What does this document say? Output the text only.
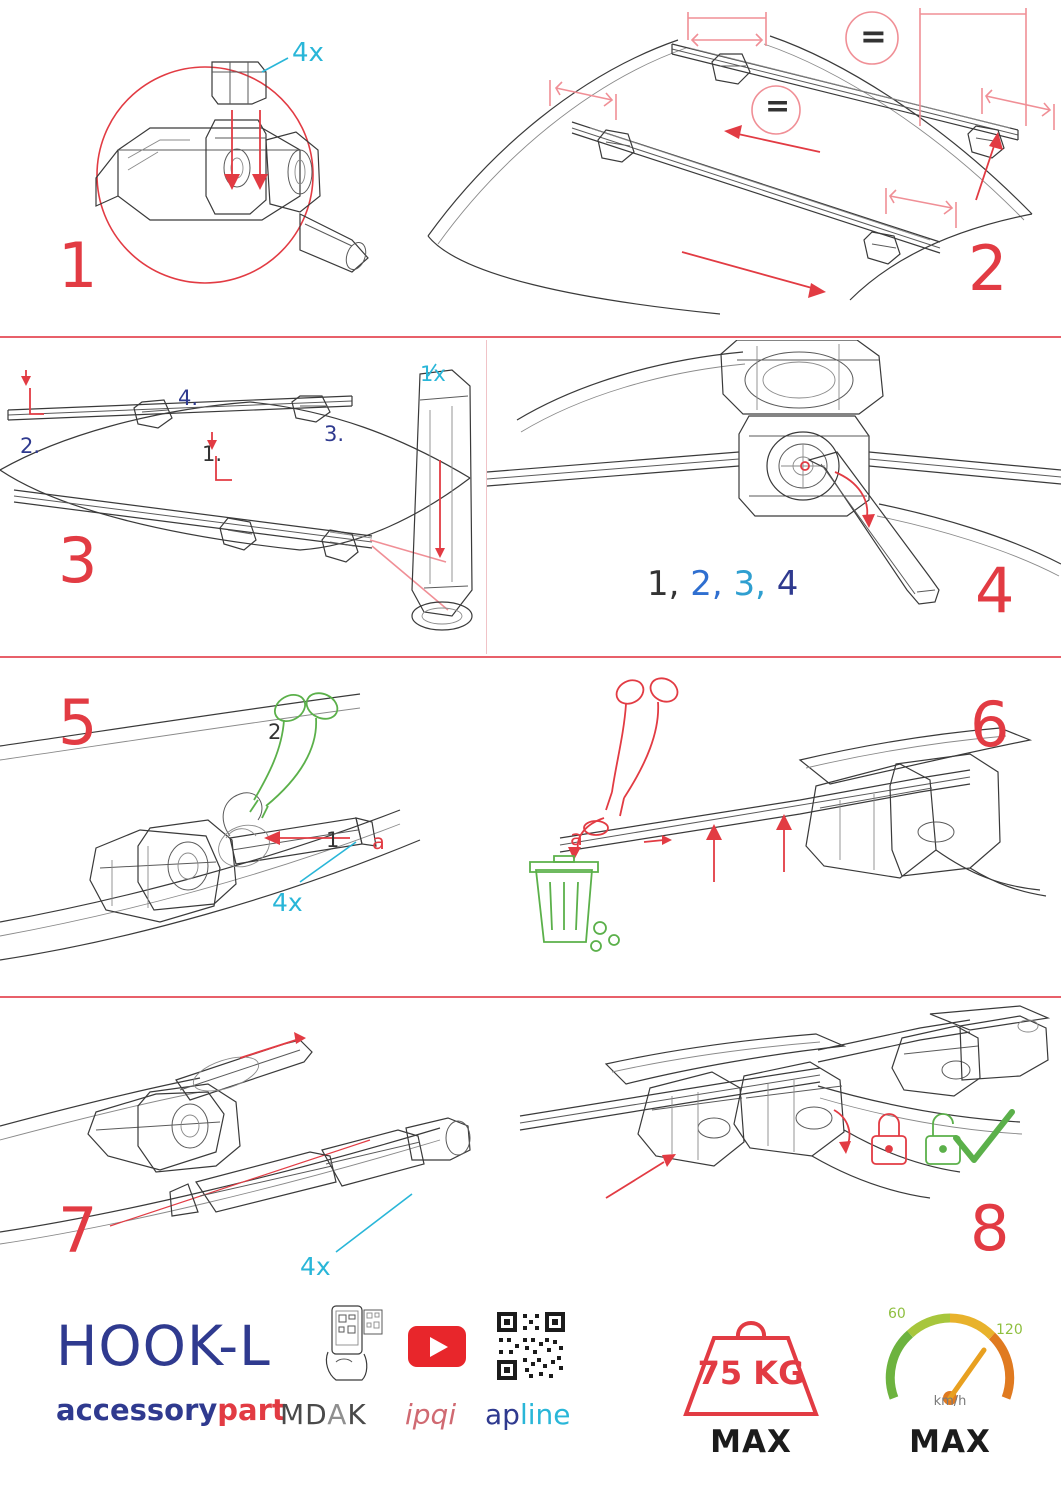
4x
1
=
=
2
1x
1.
2.	3.
4.
3	1, 2, 3, 4	4
5	2
1 a
4x
6
a
7	4x
8
HOOK-L
accessorypart
MDAK ipqi apline
75 KG
MAX
60
120
km/h
MAX
